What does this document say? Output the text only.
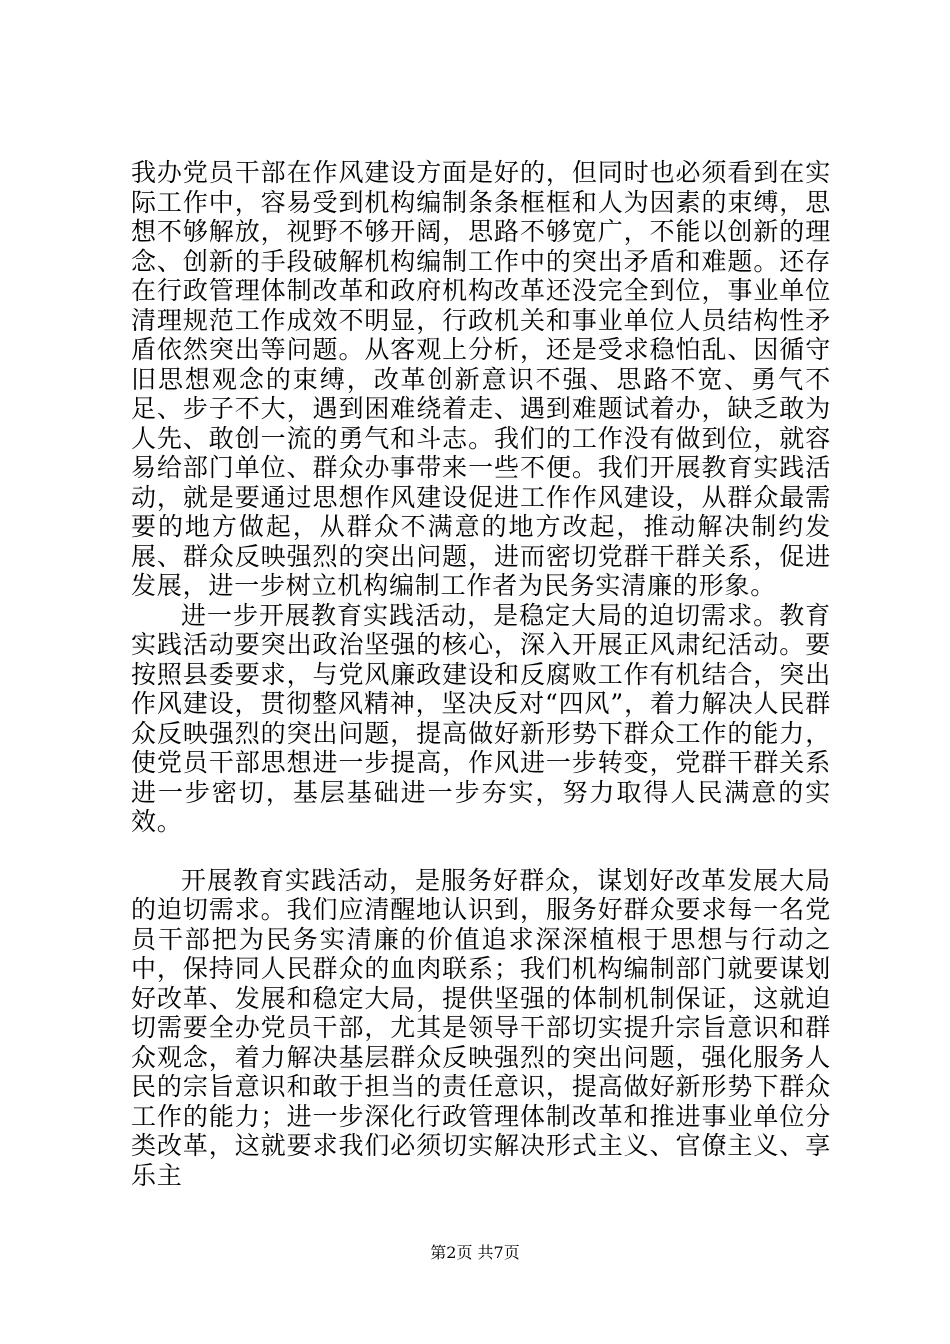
我办党员干部在作风建设方面是好的，但同时也必须看到在实际工作中，容易受到机构编制条条框框和人为因素的束缚，思想不够解放，视野不够开阔，思路不够宽广，不能以创新的理念、创新的手段破解机构编制工作中的突出矛盾和难题。还存在行政管理体制改革和政府机构改革还没完全到位，事业单位清理规范工作成效不明显，行政机关和事业单位人员结构性矛盾依然突出等问题。从客观上分析，还是受求稳怕乱、因循守旧思想观念的束缚，改革创新意识不强、思路不宽、勇气不足、步子不大，遇到困难绕着走、遇到难题试着办，缺乏敢为人先、敢创一流的勇气和斗志。我们的工作没有做到位，就容易给部门单位、群众办事带来一些不便。我们开展教育实践活动，就是要通过思想作风建设促进工作作风建设，从群众最需要的地方做起，从群众不满意的地方改起，推动解决制约发展、群众反映强烈的突出问题，进而密切党群干群关系，促进发展，进一步树立机构编制工作者为民务实清廉的形象。

进一步开展教育实践活动，是稳定大局的迫切需求。教育实践活动要突出政治坚强的核心，深入开展正风肃纪活动。要按照县委要求，与党风廉政建设和反腐败工作有机结合，突出作风建设，贯彻整风精神，坚决反对“四风”，着力解决人民群众反映强烈的突出问题，提高做好新形势下群众工作的能力，使党员干部思想进一步提高，作风进一步转变，党群干群关系进一步密切，基层基础进一步夯实，努力取得人民满意的实效。

开展教育实践活动，是服务好群众，谋划好改革发展大局的迫切需求。我们应清醒地认识到，服务好群众要求每一名党员干部把为民务实清廉的价值追求深深植根于思想与行动之中，保持同人民群众的血肉联系；我们机构编制部门就要谋划好改革、发展和稳定大局，提供坚强的体制机制保证，这就迫切需要全办党员干部，尤其是领导干部切实提升宗旨意识和群众观念，着力解决基层群众反映强烈的突出问题，强化服务人民的宗旨意识和敢于担当的责任意识，提高做好新形势下群众工作的能力；进一步深化行政管理体制改革和推进事业单位分类改革，这就要求我们必须切实解决形式主义、官僚主义、享乐主

第2页 共7页
